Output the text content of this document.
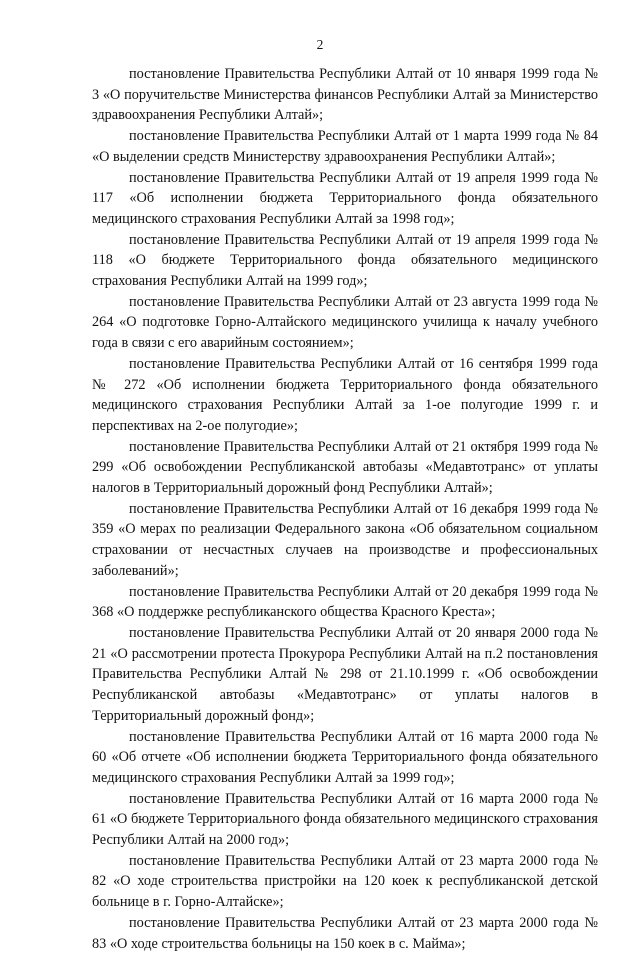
2

постановление Правительства Республики Алтай от 10 января 1999 года № 3 «О поручительстве Министерства финансов Республики Алтай за Министерство здравоохранения Республики Алтай»;

постановление Правительства Республики Алтай от 1 марта 1999 года № 84 «О выделении средств Министерству здравоохранения Республики Алтай»;

постановление Правительства Республики Алтай от 19 апреля 1999 года № 117 «Об исполнении бюджета Территориального фонда обязательного медицинского страхования Республики Алтай за 1998 год»;

постановление Правительства Республики Алтай от 19 апреля 1999 года № 118 «О бюджете Территориального фонда обязательного медицинского страхования Республики Алтай на 1999 год»;

постановление Правительства Республики Алтай от 23 августа 1999 года № 264 «О подготовке Горно-Алтайского медицинского училища к началу учебного года в связи с его аварийным состоянием»;

постановление Правительства Республики Алтай от 16 сентября 1999 года № 272 «Об исполнении бюджета Территориального фонда обязательного медицинского страхования Республики Алтай за 1-ое полугодие 1999 г. и перспективах на 2-ое полугодие»;

постановление Правительства Республики Алтай от 21 октября 1999 года № 299 «Об освобождении Республиканской автобазы «Медавтотранс» от уплаты налогов в Территориальный дорожный фонд Республики Алтай»;

постановление Правительства Республики Алтай от 16 декабря 1999 года № 359 «О мерах по реализации Федерального закона «Об обязательном социальном страховании от несчастных случаев на производстве и профессиональных заболеваний»;

постановление Правительства Республики Алтай от 20 декабря 1999 года № 368 «О поддержке республиканского общества Красного Креста»;

постановление Правительства Республики Алтай от 20 января 2000 года № 21 «О рассмотрении протеста Прокурора Республики Алтай на п.2 постановления Правительства Республики Алтай № 298 от 21.10.1999 г. «Об освобождении Республиканской автобазы «Медавтотранс» от уплаты налогов в Территориальный дорожный фонд»;

постановление Правительства Республики Алтай от 16 марта 2000 года № 60 «Об отчете «Об исполнении бюджета Территориального фонда обязательного медицинского страхования Республики Алтай за 1999 год»;

постановление Правительства Республики Алтай от 16 марта 2000 года № 61 «О бюджете Территориального фонда обязательного медицинского страхования Республики Алтай на 2000 год»;

постановление Правительства Республики Алтай от 23 марта 2000 года № 82 «О ходе строительства пристройки на 120 коек к республиканской детской больнице в г. Горно-Алтайске»;

постановление Правительства Республики Алтай от 23 марта 2000 года № 83 «О ходе строительства больницы на 150 коек в с. Майма»;
